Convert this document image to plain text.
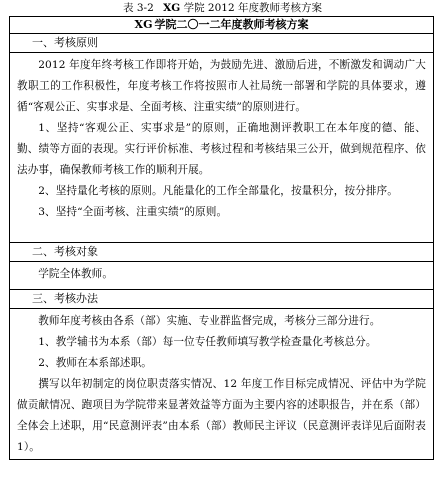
表 3-2 XG 学院 2012 年度教师考核方案
XG 学院二〇一二年度教师考核方案
一、考核原则

2012 年度年终考核工作即将开始，为鼓励先进、激励后进，不断激发和调动广大教职工的工作积极性，年度考核工作将按照市人社局统一部署和学院的具体要求，遵循“客观公正、实事求是、全面考核、注重实绩”的原则进行。

1、坚持“客观公正、实事求是”的原则，正确地测评教职工在本年度的德、能、勤、绩等方面的表现。实行评价标准、考核过程和考核结果三公开，做到规范程序、依法办事，确保教师考核工作的顺利开展。

2、坚持量化考核的原则。凡能量化的工作全部量化，按量积分，按分排序。

3、坚持“全面考核、注重实绩”的原则。

二、考核对象

学院全体教师。

三、考核办法

教师年度考核由各系（部）实施、专业群监督完成，考核分三部分进行。

1、教学辅书为本系（部）每一位专任教师填写教学检查量化考核总分。

2、教师在本系部述职。

撰写以年初制定的岗位职责落实情况、12 年度工作目标完成情况、评估中为学院做贡献情况、跑项目为学院带来显著效益等方面为主要内容的述职报告，并在系（部）全体会上述职，用“民意测评表”由本系（部）教师民主评议（民意测评表详见后面附表 1）。
